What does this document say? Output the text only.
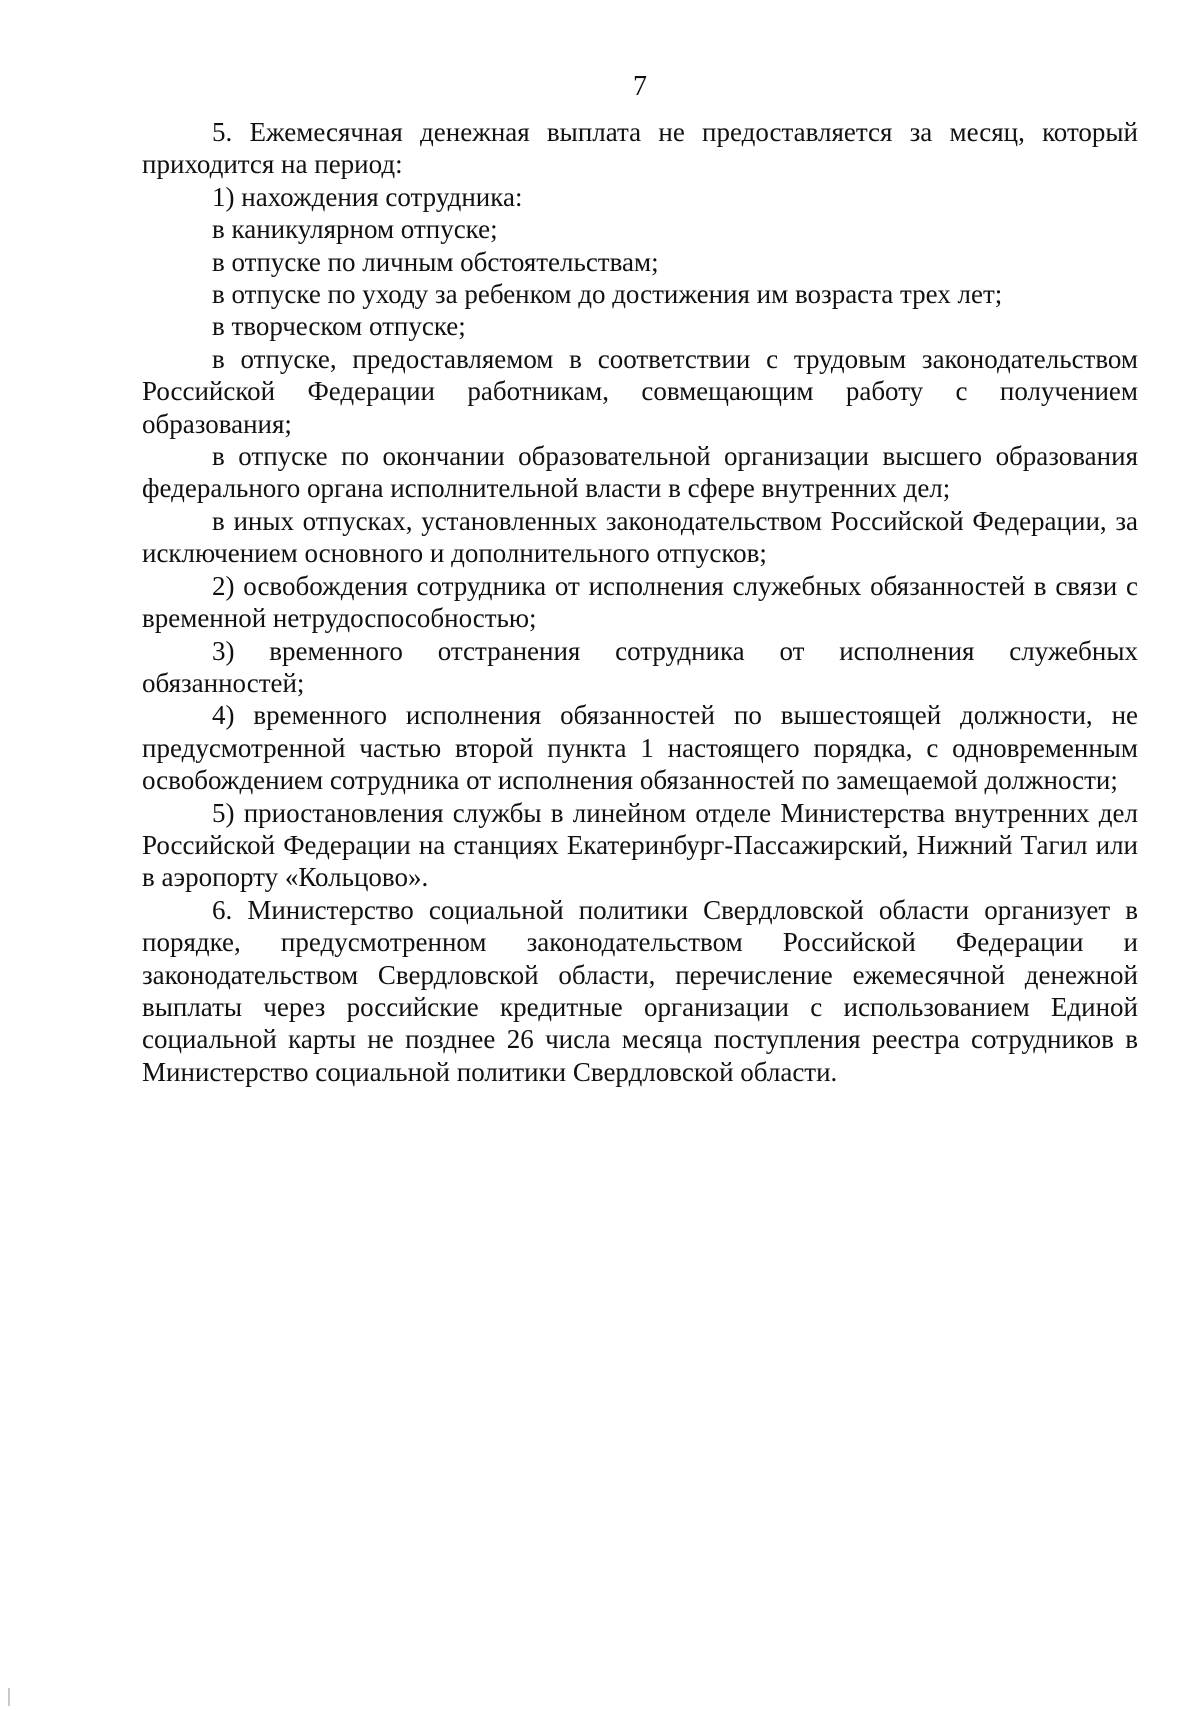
7

5. Ежемесячная денежная выплата не предоставляется за месяц, который приходится на период:

1) нахождения сотрудника:

в каникулярном отпуске;

в отпуске по личным обстоятельствам;

в отпуске по уходу за ребенком до достижения им возраста трех лет;

в творческом отпуске;

в отпуске, предоставляемом в соответствии с трудовым законодательством Российской Федерации работникам, совмещающим работу с получением образования;

в отпуске по окончании образовательной организации высшего образования федерального органа исполнительной власти в сфере внутренних дел;

в иных отпусках, установленных законодательством Российской Федерации, за исключением основного и дополнительного отпусков;

2) освобождения сотрудника от исполнения служебных обязанностей в связи с временной нетрудоспособностью;

3) временного отстранения сотрудника от исполнения служебных обязанностей;

4) временного исполнения обязанностей по вышестоящей должности, не предусмотренной частью второй пункта 1 настоящего порядка, с одновременным освобождением сотрудника от исполнения обязанностей по замещаемой должности;

5) приостановления службы в линейном отделе Министерства внутренних дел Российской Федерации на станциях Екатеринбург-Пассажирский, Нижний Тагил или в аэропорту «Кольцово».

6. Министерство социальной политики Свердловской области организует в порядке, предусмотренном законодательством Российской Федерации и законодательством Свердловской области, перечисление ежемесячной денежной выплаты через российские кредитные организации с использованием Единой социальной карты не позднее 26 числа месяца поступления реестра сотрудников в Министерство социальной политики Свердловской области.
